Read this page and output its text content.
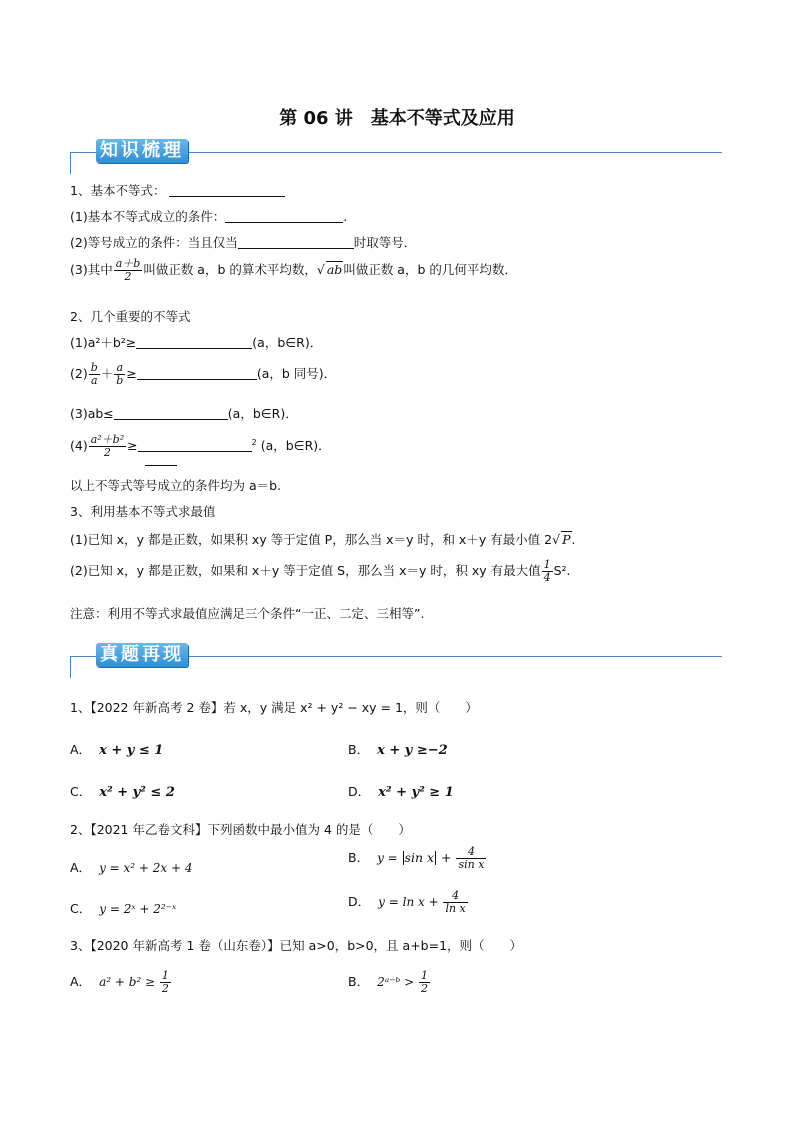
第 06 讲　基本不等式及应用
知识梳理
1、基本不等式：
(1)基本不等式成立的条件：	.
(2)等号成立的条件：当且仅当	时取等号．
(3)其中 $\frac{a+b}{2}$ 叫做正数 a，b 的算术平均数，√ ab叫做正数 a，b 的几何平均数．
2、几个重要的不等式
(1)a²＋b²≥	(a，b∈R)．
$(2) \frac{b}{a} + \frac{a}{b}$ ≥	(a，b 同号)．
(3)ab≤	(a，b∈R)．
$(4) \frac{\text{a²＋b²}}{2}$ ≥	$^2$ (a，b∈R)．
以上不等式等号成立的条件均为 a＝b.
3、利用基本不等式求最值
(1)已知 x，y 都是正数，如果积 xy 等于定值 P，那么当 x＝y 时，和 x＋y 有最小值 2√ P.
(2)已知 x，y 都是正数，如果和 x＋y 等于定值 S，那么当 x＝y 时，积 xy 有最大值 $\frac{1}{4} S^2$.
注意：利用不等式求最值应满足三个条件“一正、二定、三相等”.
真题再现
1、【2022 年新高考 2 卷】若 x，y 满足 x² + y² − xy = 1，则（　　）
A． x + y ≤ 1	B． x + y ≥−2
C． x² + y² ≤ 2	D． x² + y² ≥ 1
2、【2021 年乙卷文科】下列函数中最小值为 4 的是（　　）
A． y = x² + 2x + 4
B． $y = \sin x + \frac{4}{\text{sin x}}$
C． y = 2ˣ + 2²⁻ˣ	D． $y = \ln x + \frac{4}{\text{ln x}}$
3、【2020 年新高考 1 卷（山东卷）】已知 a>0，b>0，且 a+b=1，则（　　）
A． $a^2 + b^2 \ge \frac{1}{2}$	B． 2ᵃ⁻ᵇ > $\frac{1}{2}$
